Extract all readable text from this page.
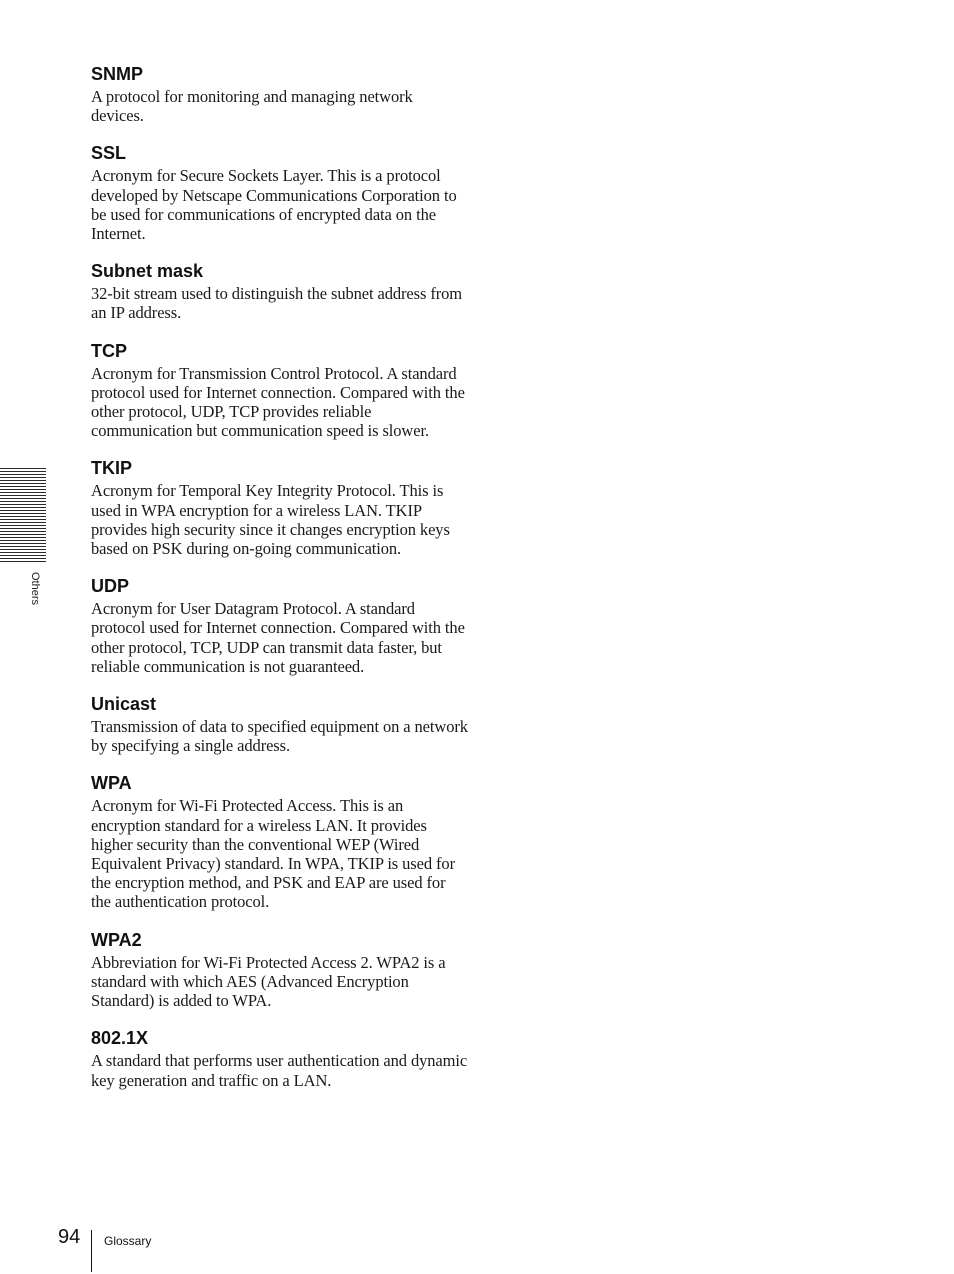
SNMP

A protocol for monitoring and managing network devices.

SSL

Acronym for Secure Sockets Layer. This is a protocol developed by Netscape Communications Corporation to be used for communications of encrypted data on the Internet.

Subnet mask

32-bit stream used to distinguish the subnet address from an IP address.

TCP

Acronym for Transmission Control Protocol. A standard protocol used for Internet connection. Compared with the other protocol, UDP, TCP provides reliable communication but communication speed is slower.

TKIP

Acronym for Temporal Key Integrity Protocol. This is used in WPA encryption for a wireless LAN. TKIP provides high security since it changes encryption keys based on PSK during on-going communication.

UDP

Acronym for User Datagram Protocol. A standard protocol used for Internet connection. Compared with the other protocol, TCP, UDP can transmit data faster, but reliable communication is not guaranteed.

Unicast

Transmission of data to specified equipment on a network by specifying a single address.

WPA

Acronym for Wi-Fi Protected Access. This is an encryption standard for a wireless LAN. It provides higher security than the conventional WEP (Wired Equivalent Privacy) standard. In WPA, TKIP is used for the encryption method, and PSK and EAP are used for the authentication protocol.

WPA2

Abbreviation for Wi-Fi Protected Access 2. WPA2 is a standard with which AES (Advanced Encryption Standard) is added to WPA.

802.1X

A standard that performs user authentication and dynamic key generation and traffic on a LAN.

Others
94 Glossary
